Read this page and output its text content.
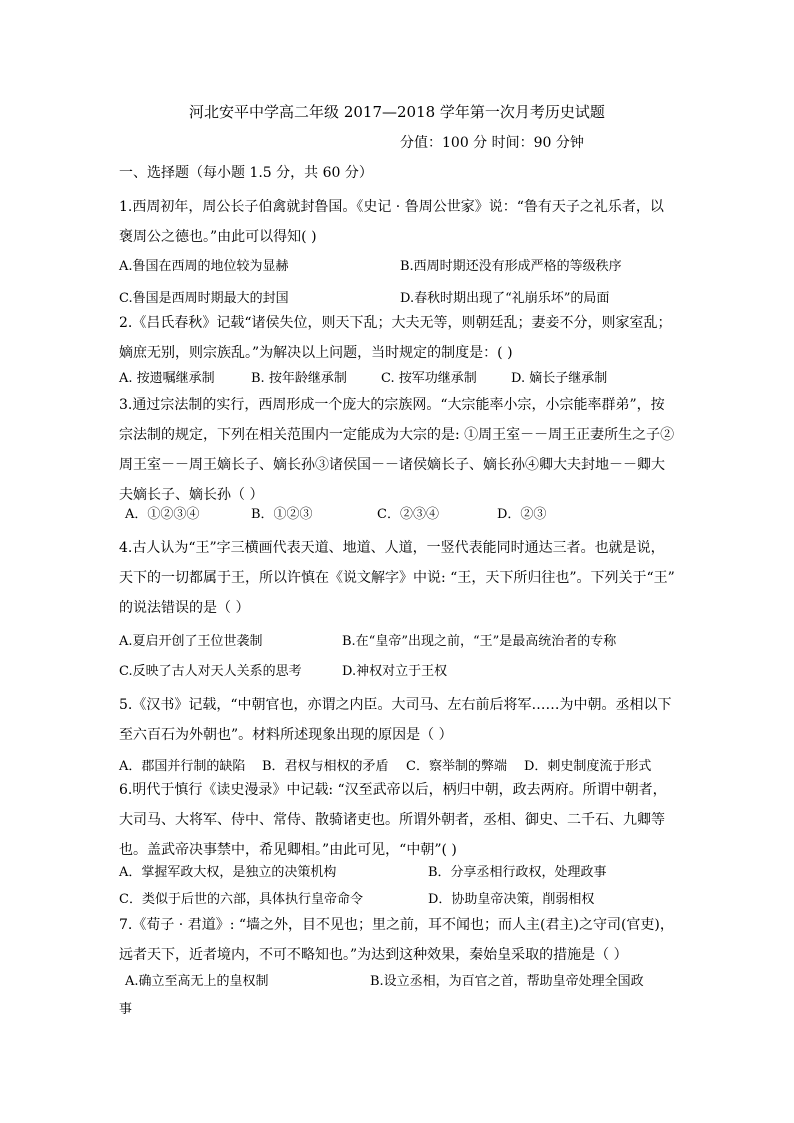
河北安平中学高二年级 2017—2018 学年第一次月考历史试题
分值：100 分 时间：90 分钟
一、选择题（每小题 1.5 分，共 60 分）
1.西周初年，周公长子伯禽就封鲁国。《史记 · 鲁周公世家》说：“鲁有天子之礼乐者，以
褒周公之德也。”由此可以得知( )
A.鲁国在西周的地位较为显赫	B.西周时期还没有形成严格的等级秩序
C.鲁国是西周时期最大的封国	D.春秋时期出现了“礼崩乐坏”的局面
2.《吕氏春秋》记载“诸侯失位，则天下乱；大夫无等，则朝廷乱；妻妾不分，则家室乱；
嫡庶无别，则宗族乱。”为解决以上问题，当时规定的制度是：( )
A. 按遗嘱继承制	B. 按年龄继承制	C. 按军功继承制	D. 嫡长子继承制
3.通过宗法制的实行，西周形成一个庞大的宗族网。“大宗能率小宗，小宗能率群弟”，按
宗法制的规定，下列在相关范围内一定能成为大宗的是: ①周王室－－周王正妻所生之子②
周王室－－周王嫡长子、嫡长孙③诸侯国－－诸侯嫡长子、嫡长孙④卿大夫封地－－卿大
夫嫡长子、嫡长孙（ ）
A．①②③④	B．①②③	C．②③④	D．②③
4.古人认为“王”字三横画代表天道、地道、人道，一竖代表能同时通达三者。也就是说，
天下的一切都属于王，所以许慎在《说文解字》中说: “王，天下所归往也”。下列关于“王”
的说法错误的是（ ）
A.夏启开创了王位世袭制	B.在“皇帝”出现之前，“王”是最高统治者的专称
C.反映了古人对天人关系的思考	D.神权对立于王权
5.《汉书》记载，“中朝官也，亦谓之内臣。大司马、左右前后将军……为中朝。丞相以下
至六百石为外朝也”。材料所述现象出现的原因是（ ）
A．郡国并行制的缺陷 B．君权与相权的矛盾 C．察举制的弊端 D．刺史制度流于形式
6.明代于慎行《读史漫录》中记载: “汉至武帝以后，柄归中朝，政去两府。所谓中朝者，
大司马、大将军、侍中、常侍、散骑诸吏也。所谓外朝者，丞相、御史、二千石、九卿等
也。盖武帝决事禁中，希见卿相。”由此可见，“中朝”( )
A．掌握军政大权，是独立的决策机构	B．分享丞相行政权，处理政事
C．类似于后世的六部，具体执行皇帝命令	D．协助皇帝决策，削弱相权
7.《荀子 · 君道》: “墙之外，目不见也；里之前，耳不闻也；而人主(君主)之守司(官吏)，
远者天下，近者境内，不可不略知也。”为达到这种效果，秦始皇采取的措施是（ ）
A.确立至高无上的皇权制	B.设立丞相，为百官之首，帮助皇帝处理全国政
事
